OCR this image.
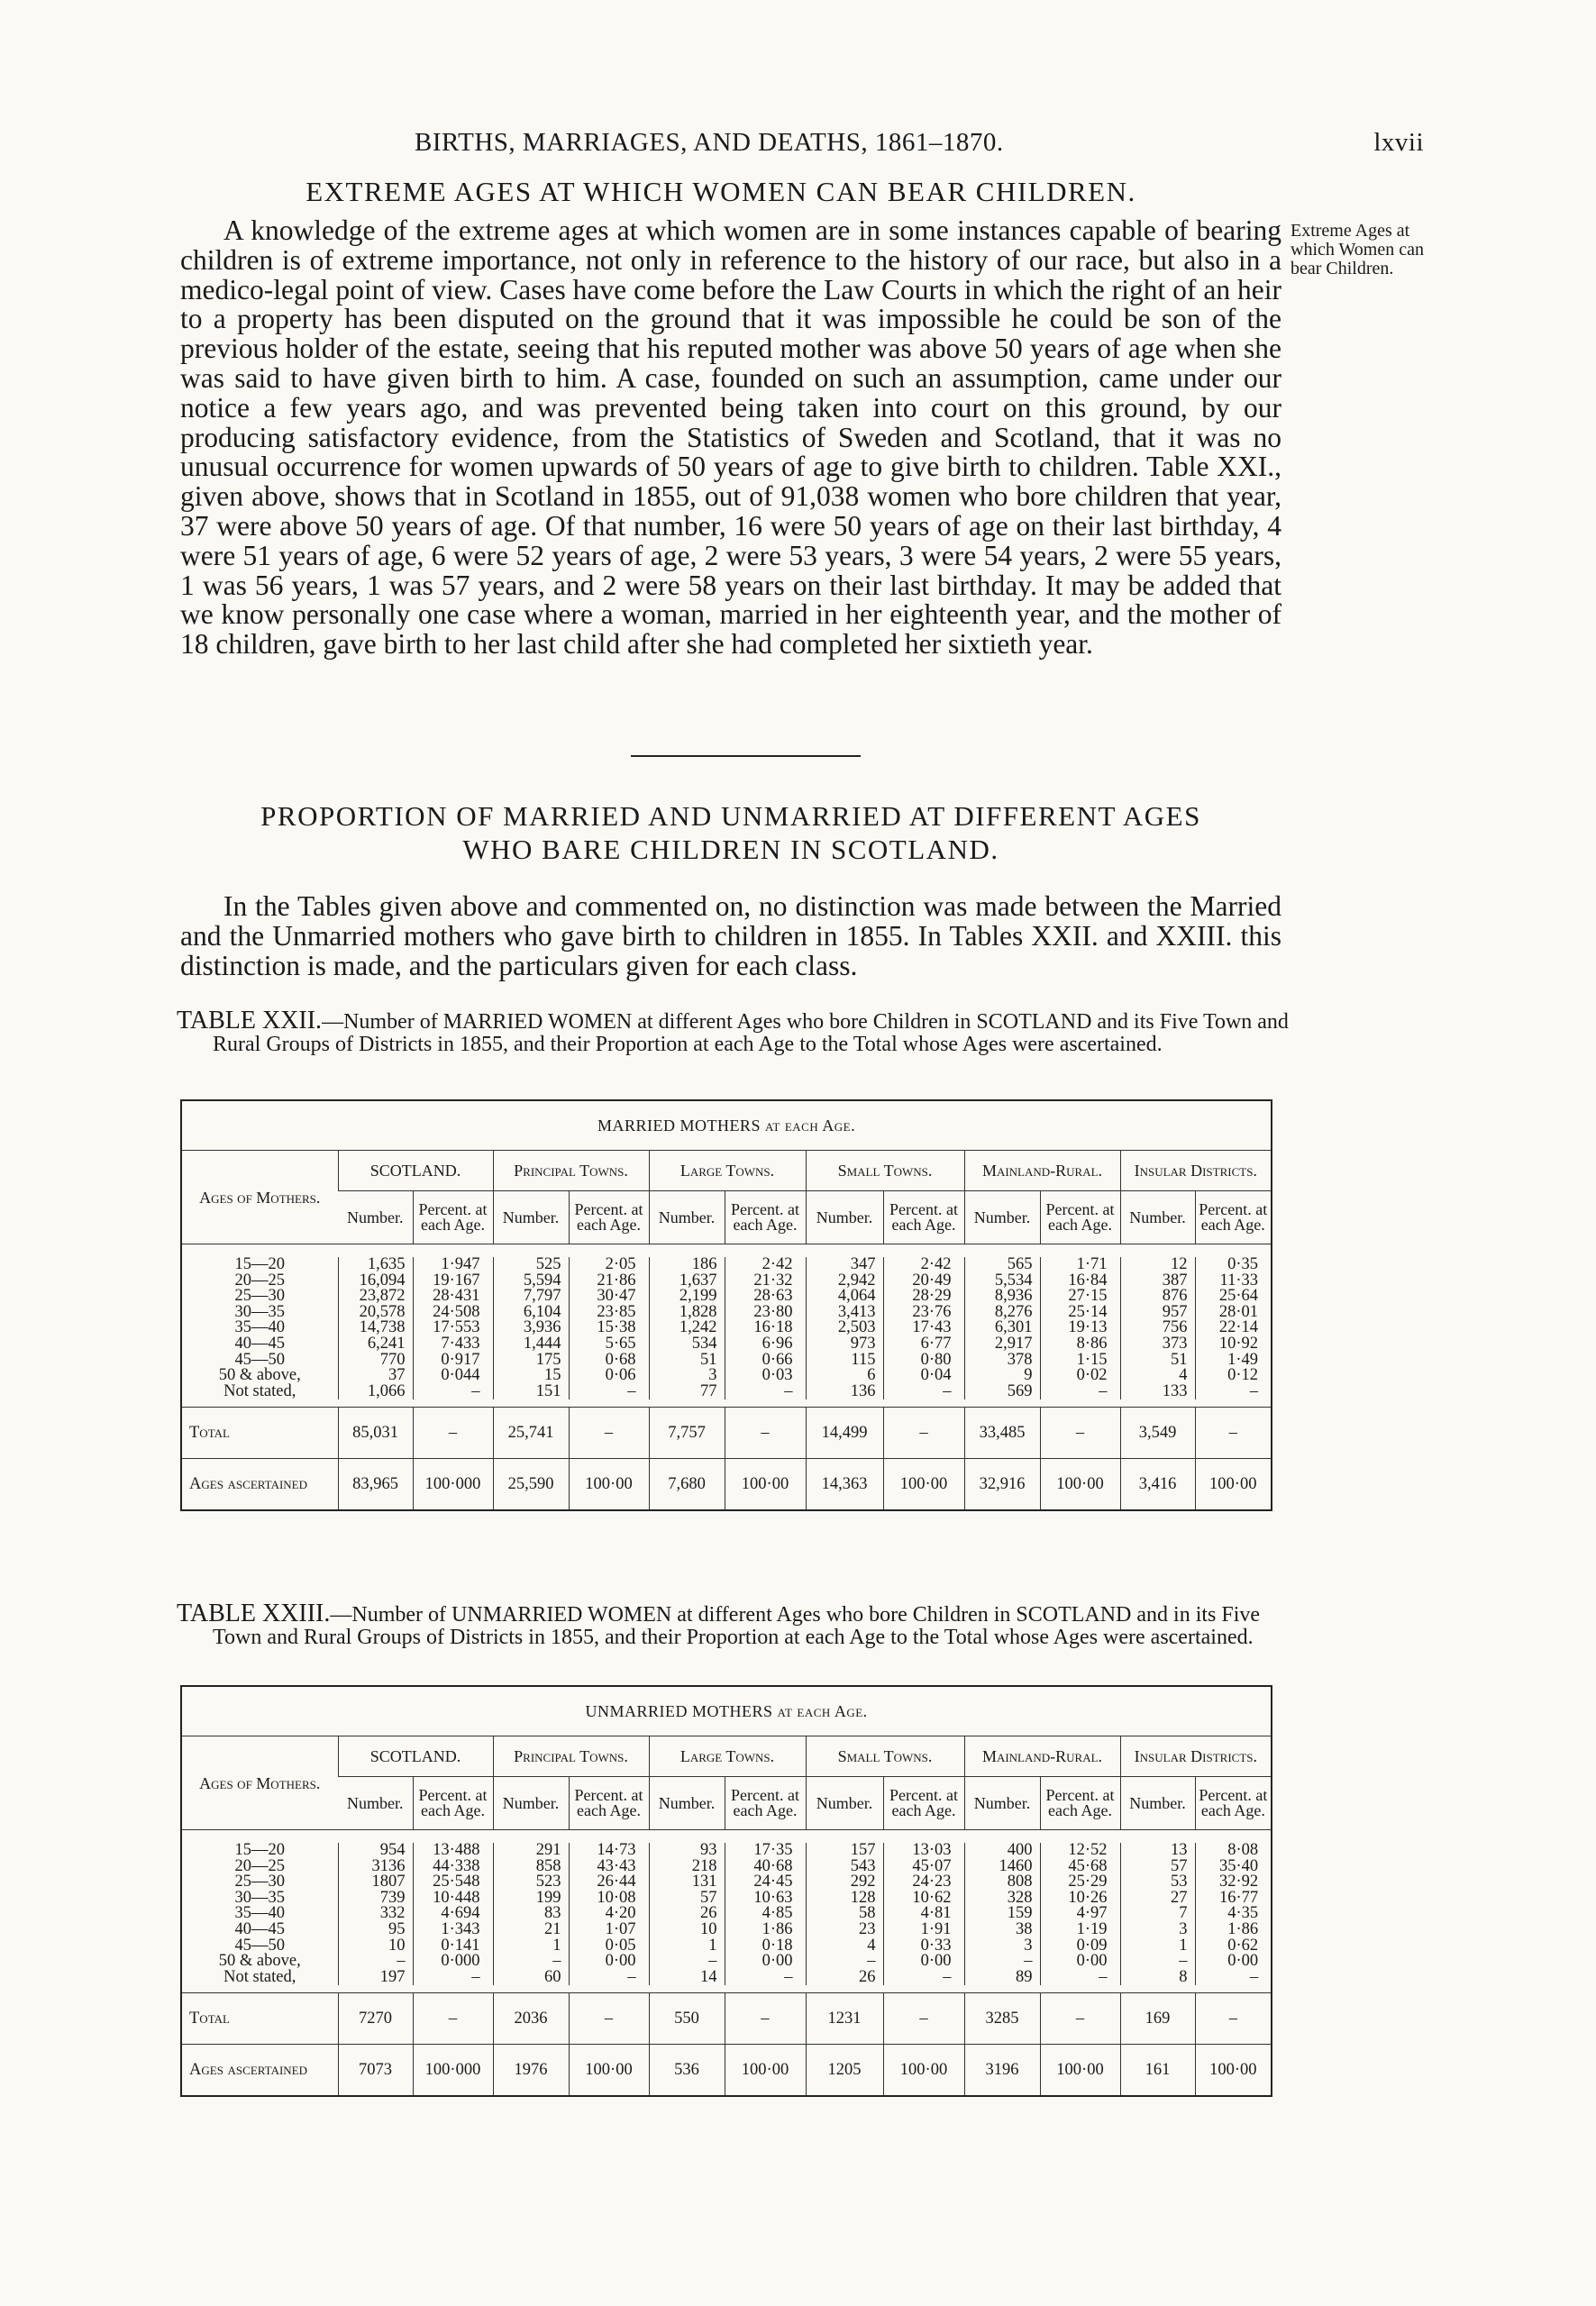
BIRTHS, MARRIAGES, AND DEATHS, 1861–1870.	lxvii
EXTREME AGES AT WHICH WOMEN CAN BEAR CHILDREN.

A knowledge of the extreme ages at which women are in some instances capable of bearing children is of extreme importance, not only in reference to the history of our race, but also in a medico-legal point of view. Cases have come before the Law Courts in which the right of an heir to a property has been disputed on the ground that it was impossible he could be son of the previous holder of the estate, seeing that his reputed mother was above 50 years of age when she was said to have given birth to him. A case, founded on such an assumption, came under our notice a few years ago, and was prevented being taken into court on this ground, by our producing satisfactory evidence, from the Statistics of Sweden and Scotland, that it was no unusual occurrence for women upwards of 50 years of age to give birth to children. Table XXI., given above, shows that in Scotland in 1855, out of 91,038 women who bore children that year, 37 were above 50 years of age. Of that number, 16 were 50 years of age on their last birthday, 4 were 51 years of age, 6 were 52 years of age, 2 were 53 years, 3 were 54 years, 2 were 55 years, 1 was 56 years, 1 was 57 years, and 2 were 58 years on their last birthday. It may be added that we know personally one case where a woman, married in her eighteenth year, and the mother of 18 children, gave birth to her last child after she had completed her sixtieth year.

Extreme Ages at which Women can bear Children.
PROPORTION OF MARRIED AND UNMARRIED AT DIFFERENT AGES
WHO BARE CHILDREN IN SCOTLAND.

In the Tables given above and commented on, no distinction was made between the Married and the Unmarried mothers who gave birth to children in 1855. In Tables XXII. and XXIII. this distinction is made, and the particulars given for each class.

TABLE XXII.—Number of MARRIED WOMEN at different Ages who bore Children in SCOTLAND and its Five Town and Rural Groups of Districts in 1855, and their Proportion at each Age to the Total whose Ages were ascertained.

MARRIED MOTHERS at each Age.												
Ages of Mothers.	SCOTLAND.		Principal Towns.		Large Towns.		Small Towns.		Mainland-Rural.		Insular Districts.	
	Number.	Percent. at each Age.	Number.	Percent. at each Age.	Number.	Percent. at each Age.	Number.	Percent. at each Age.	Number.	Percent. at each Age.	Number.	Percent. at each Age.

15—20	1,635	1·947	525	2·05	186	2·42	347	2·42	565	1·71	12	0·35
20—25	16,094	19·167	5,594	21·86	1,637	21·32	2,942	20·49	5,534	16·84	387	11·33
25—30	23,872	28·431	7,797	30·47	2,199	28·63	4,064	28·29	8,936	27·15	876	25·64
30—35	20,578	24·508	6,104	23·85	1,828	23·80	3,413	23·76	8,276	25·14	957	28·01
35—40	14,738	17·553	3,936	15·38	1,242	16·18	2,503	17·43	6,301	19·13	756	22·14
40—45	6,241	7·433	1,444	5·65	534	6·96	973	6·77	2,917	8·86	373	10·92
45—50	770	0·917	175	0·68	51	0·66	115	0·80	378	1·15	51	1·49
50 & above,	37	0·044	15	0·06	3	0·03	6	0·04	9	0·02	4	0·12
Not stated,	1,066	–	151	–	77	–	136	–	569	–	133	–

Total	85,031	–	25,741	–	7,757	–	14,499	–	33,485	–	3,549	–
Ages ascertained	83,965	100·000	25,590	100·00	7,680	100·00	14,363	100·00	32,916	100·00	3,416	100·00

TABLE XXIII.—Number of UNMARRIED WOMEN at different Ages who bore Children in SCOTLAND and in its Five Town and Rural Groups of Districts in 1855, and their Proportion at each Age to the Total whose Ages were ascertained.

UNMARRIED MOTHERS at each Age.												
Ages of Mothers.	SCOTLAND.		Principal Towns.		Large Towns.		Small Towns.		Mainland-Rural.		Insular Districts.	
	Number.	Percent. at each Age.	Number.	Percent. at each Age.	Number.	Percent. at each Age.	Number.	Percent. at each Age.	Number.	Percent. at each Age.	Number.	Percent. at each Age.

15—20	954	13·488	291	14·73	93	17·35	157	13·03	400	12·52	13	8·08
20—25	3136	44·338	858	43·43	218	40·68	543	45·07	1460	45·68	57	35·40
25—30	1807	25·548	523	26·44	131	24·45	292	24·23	808	25·29	53	32·92
30—35	739	10·448	199	10·08	57	10·63	128	10·62	328	10·26	27	16·77
35—40	332	4·694	83	4·20	26	4·85	58	4·81	159	4·97	7	4·35
40—45	95	1·343	21	1·07	10	1·86	23	1·91	38	1·19	3	1·86
45—50	10	0·141	1	0·05	1	0·18	4	0·33	3	0·09	1	0·62
50 & above,	–	0·000	–	0·00	–	0·00	–	0·00	–	0·00	–	0·00
Not stated,	197	–	60	–	14	–	26	–	89	–	8	–

Total	7270	–	2036	–	550	–	1231	–	3285	–	169	–
Ages ascertained	7073	100·000	1976	100·00	536	100·00	1205	100·00	3196	100·00	161	100·00
